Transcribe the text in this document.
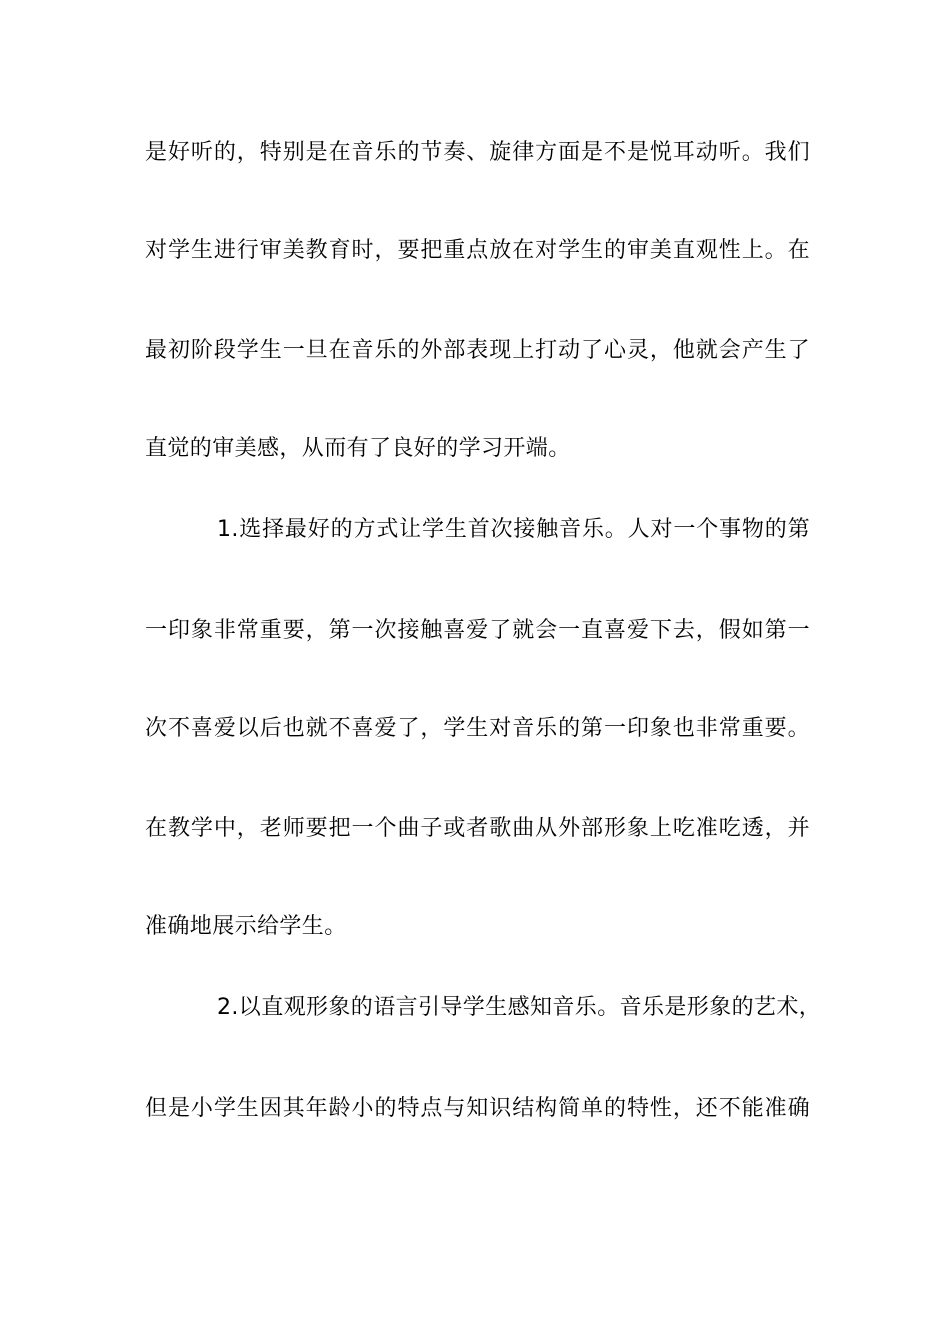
是好听的，特别是在音乐的节奏、旋律方面是不是悦耳动听。我们
对学生进行审美教育时，要把重点放在对学生的审美直观性上。在
最初阶段学生一旦在音乐的外部表现上打动了心灵，他就会产生了
直觉的审美感，从而有了良好的学习开端。
1.选择最好的方式让学生首次接触音乐。人对一个事物的第
一印象非常重要，第一次接触喜爱了就会一直喜爱下去，假如第一
次不喜爱以后也就不喜爱了，学生对音乐的第一印象也非常重要。
在教学中，老师要把一个曲子或者歌曲从外部形象上吃准吃透，并
准确地展示给学生。
2.以直观形象的语言引导学生感知音乐。音乐是形象的艺术，
但是小学生因其年龄小的特点与知识结构简单的特性，还不能准确
